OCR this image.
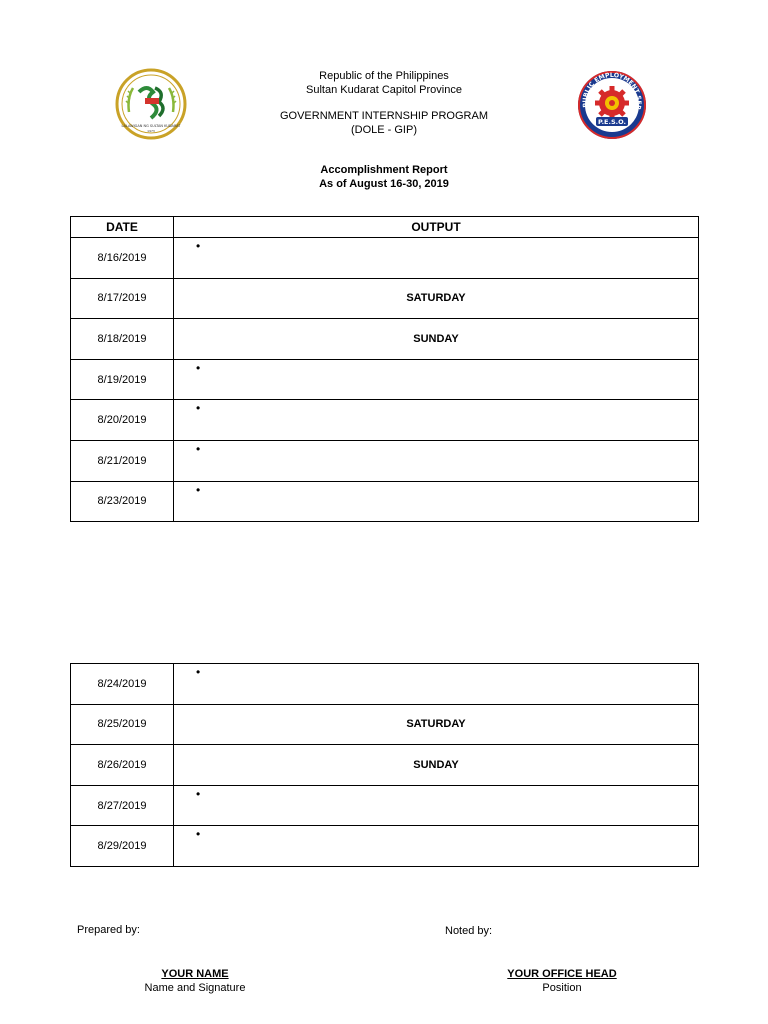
LALAWIGAN NG SULTAN KUDARAT
1973
PUBLIC EMPLOYMENT SER
P.E.S.O.
Republic of the Philippines
Sultan Kudarat Capitol Province
GOVERNMENT INTERNSHIP PROGRAM
(DOLE - GIP)
Accomplishment Report
As of August 16-30, 2019
DATE	OUTPUT
8/16/2019	•

8/17/2019	SATURDAY
8/18/2019	SUNDAY
8/19/2019	•

8/20/2019	•

8/21/2019	•

8/23/2019	•
8/24/2019	•

8/25/2019	SATURDAY
8/26/2019	SUNDAY
8/27/2019	•

8/29/2019	•
Prepared by:	Noted by:
YOUR NAME
Name and Signature
YOUR OFFICE HEAD
Position
